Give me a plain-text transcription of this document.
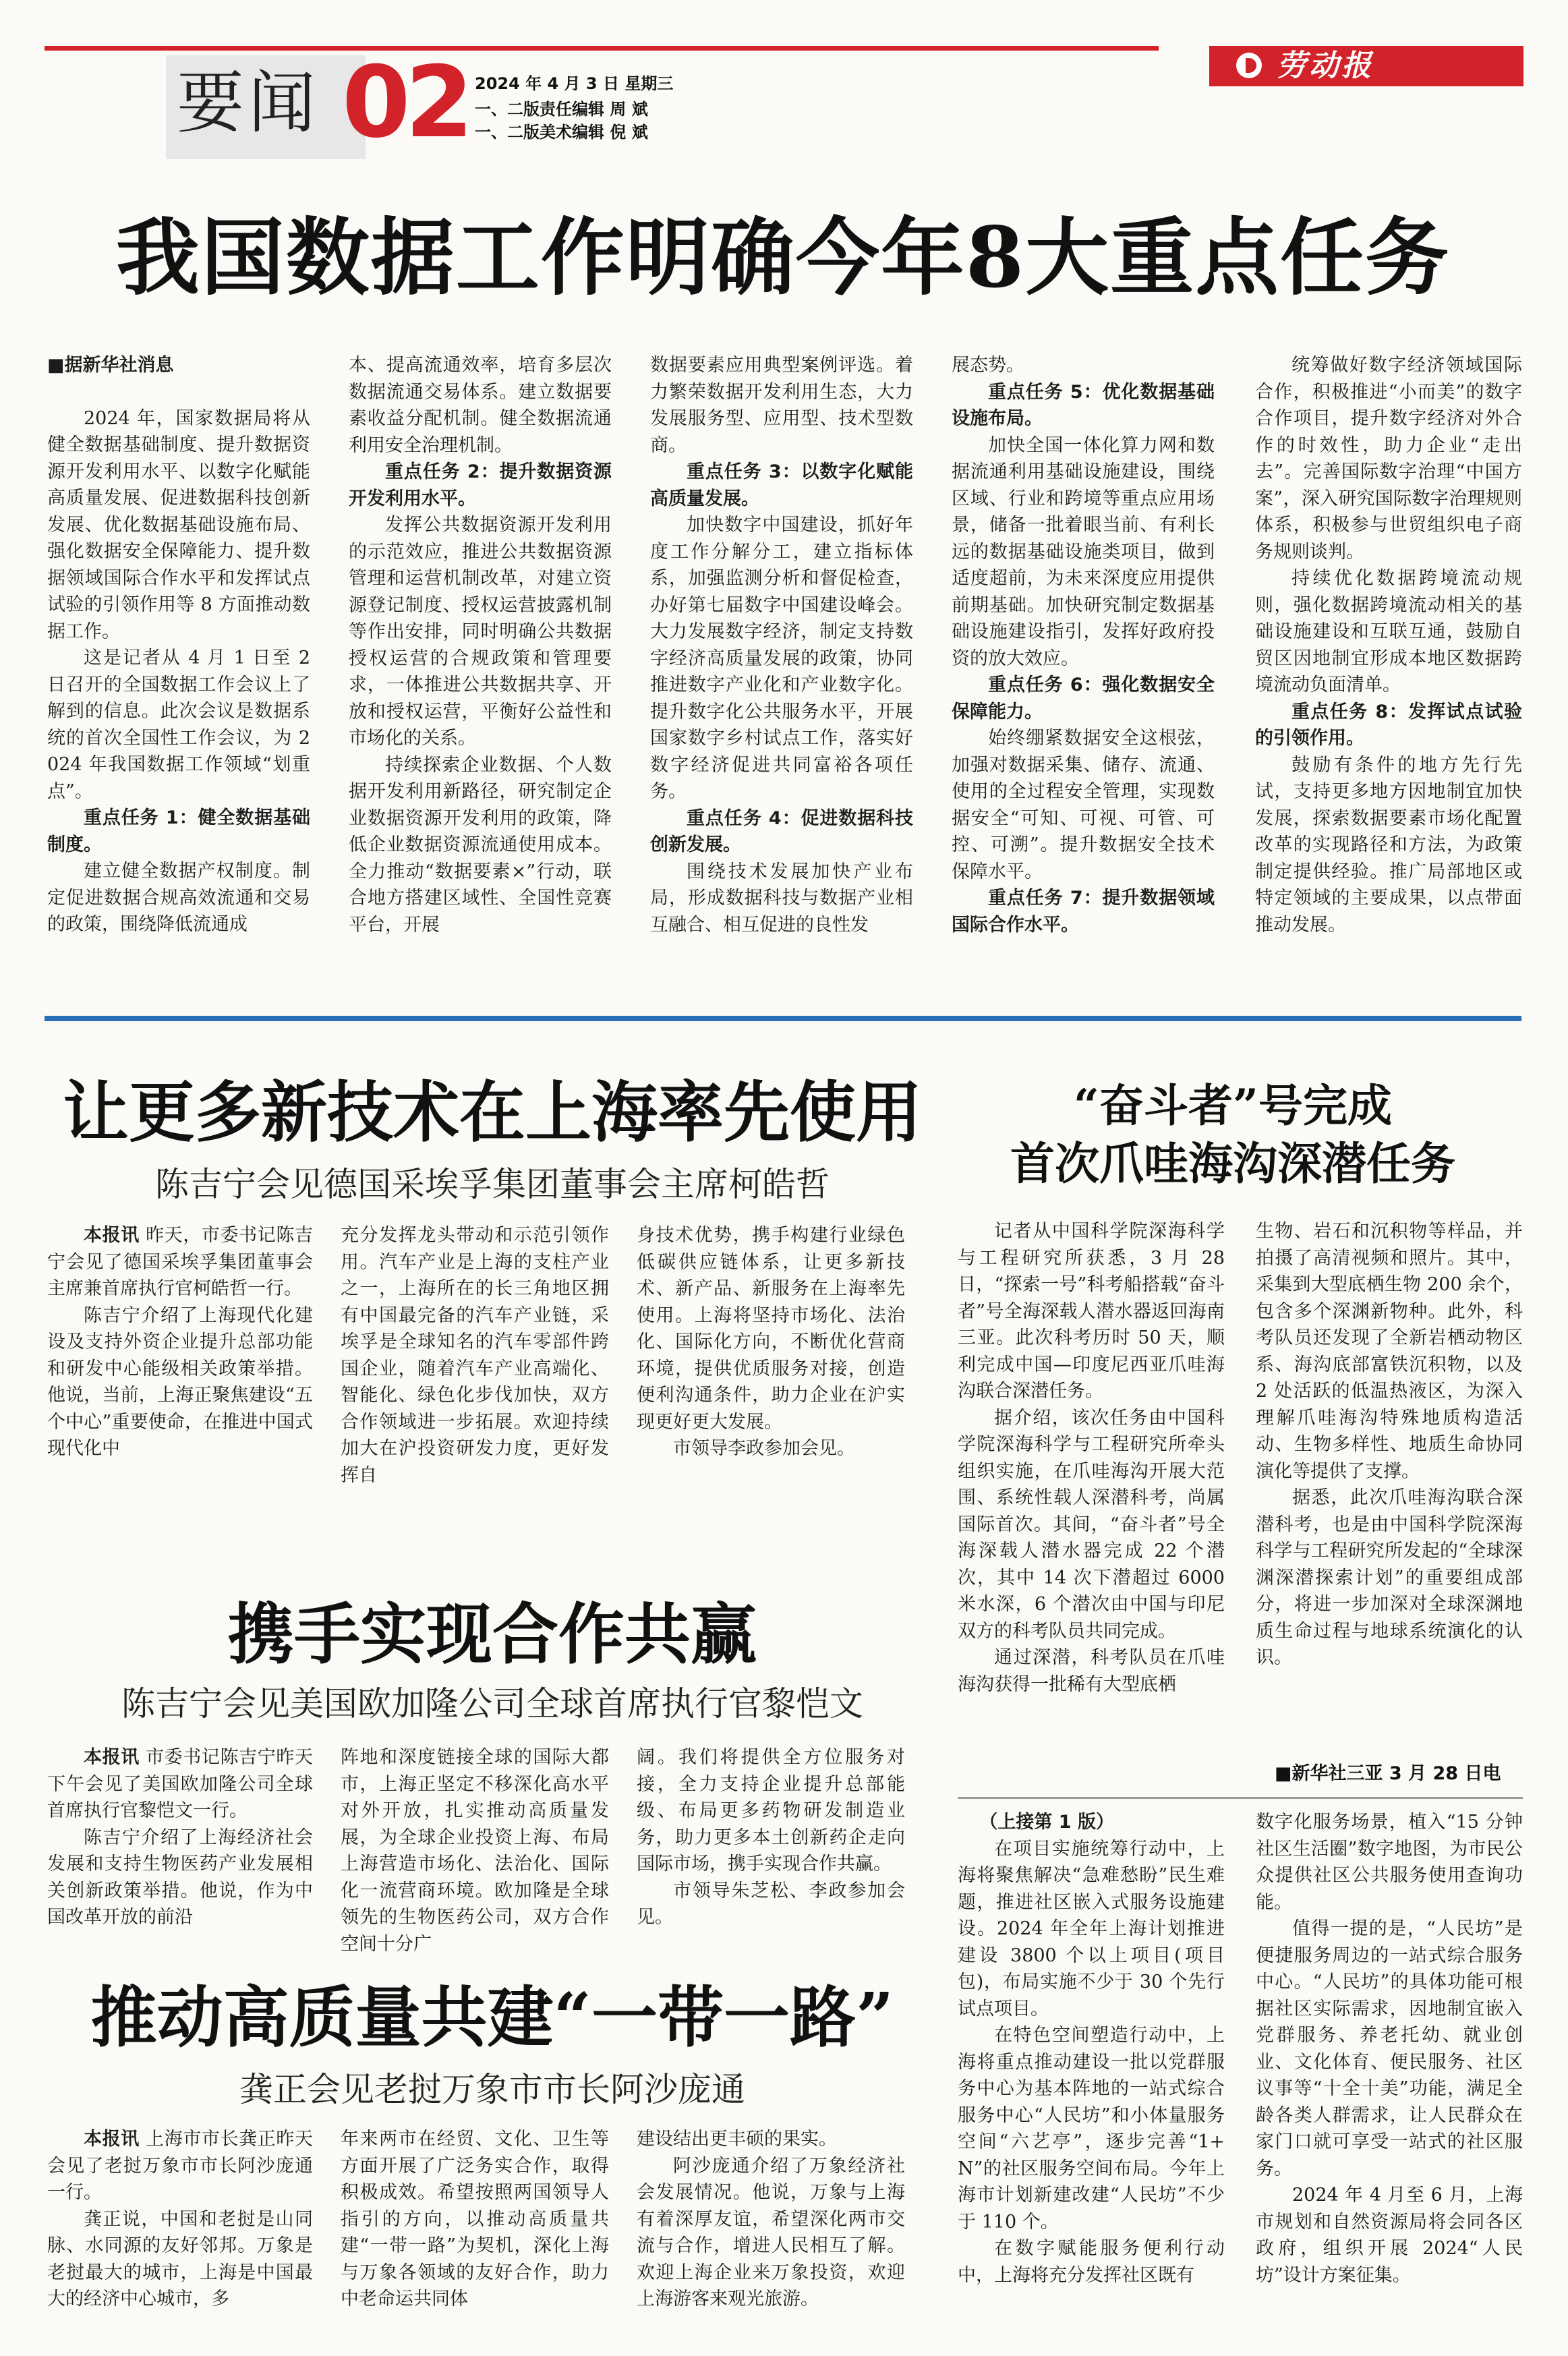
要闻 02 2024 年 4 月 3 日 星期三
一、二版责任编辑 周 斌
一、二版美术编辑 倪 斌
劳动报
我国数据工作明确今年8大重点任务

■据新华社消息

2024 年，国家数据局将从健全数据基础制度、提升数据资源开发利用水平、以数字化赋能高质量发展、促进数据科技创新发展、优化数据基础设施布局、强化数据安全保障能力、提升数据领域国际合作水平和发挥试点试验的引领作用等 8 方面推动数据工作。

这是记者从 4 月 1 日至 2 日召开的全国数据工作会议上了解到的信息。此次会议是数据系统的首次全国性工作会议，为 2024 年我国数据工作领域“划重点”。

重点任务 1：健全数据基础制度。

建立健全数据产权制度。制定促进数据合规高效流通和交易的政策，围绕降低流通成

本、提高流通效率，培育多层次数据流通交易体系。建立数据要素收益分配机制。健全数据流通利用安全治理机制。

重点任务 2：提升数据资源开发利用水平。

发挥公共数据资源开发利用的示范效应，推进公共数据资源管理和运营机制改革，对建立资源登记制度、授权运营披露机制等作出安排，同时明确公共数据授权运营的合规政策和管理要求，一体推进公共数据共享、开放和授权运营，平衡好公益性和市场化的关系。

持续探索企业数据、个人数据开发利用新路径，研究制定企业数据资源开发利用的政策，降低企业数据资源流通使用成本。全力推动“数据要素×”行动，联合地方搭建区域性、全国性竞赛平台，开展

数据要素应用典型案例评选。着力繁荣数据开发利用生态，大力发展服务型、应用型、技术型数商。

重点任务 3：以数字化赋能高质量发展。

加快数字中国建设，抓好年度工作分解分工，建立指标体系，加强监测分析和督促检查，办好第七届数字中国建设峰会。大力发展数字经济，制定支持数字经济高质量发展的政策，协同推进数字产业化和产业数字化。提升数字化公共服务水平，开展国家数字乡村试点工作，落实好数字经济促进共同富裕各项任务。

重点任务 4：促进数据科技创新发展。

围绕技术发展加快产业布局，形成数据科技与数据产业相互融合、相互促进的良性发

展态势。

重点任务 5：优化数据基础设施布局。

加快全国一体化算力网和数据流通利用基础设施建设，围绕区域、行业和跨境等重点应用场景，储备一批着眼当前、有利长远的数据基础设施类项目，做到适度超前，为未来深度应用提供前期基础。加快研究制定数据基础设施建设指引，发挥好政府投资的放大效应。

重点任务 6：强化数据安全保障能力。

始终绷紧数据安全这根弦，加强对数据采集、储存、流通、使用的全过程安全管理，实现数据安全“可知、可视、可管、可控、可溯”。提升数据安全技术保障水平。

重点任务 7：提升数据领域国际合作水平。

统筹做好数字经济领域国际合作，积极推进“小而美”的数字合作项目，提升数字经济对外合作的时效性，助力企业“走出去”。完善国际数字治理“中国方案”，深入研究国际数字治理规则体系，积极参与世贸组织电子商务规则谈判。

持续优化数据跨境流动规则，强化数据跨境流动相关的基础设施建设和互联互通，鼓励自贸区因地制宜形成本地区数据跨境流动负面清单。

重点任务 8：发挥试点试验的引领作用。

鼓励有条件的地方先行先试，支持更多地方因地制宜加快发展，探索数据要素市场化配置改革的实现路径和方法，为政策制定提供经验。推广局部地区或特定领域的主要成果，以点带面推动发展。

让更多新技术在上海率先使用
陈吉宁会见德国采埃孚集团董事会主席柯皓哲

本报讯 昨天，市委书记陈吉宁会见了德国采埃孚集团董事会主席兼首席执行官柯皓哲一行。

陈吉宁介绍了上海现代化建设及支持外资企业提升总部功能和研发中心能级相关政策举措。他说，当前，上海正聚焦建设“五个中心”重要使命，在推进中国式现代化中

充分发挥龙头带动和示范引领作用。汽车产业是上海的支柱产业之一，上海所在的长三角地区拥有中国最完备的汽车产业链，采埃孚是全球知名的汽车零部件跨国企业，随着汽车产业高端化、智能化、绿色化步伐加快，双方合作领域进一步拓展。欢迎持续加大在沪投资研发力度，更好发挥自

身技术优势，携手构建行业绿色低碳供应链体系，让更多新技术、新产品、新服务在上海率先使用。上海将坚持市场化、法治化、国际化方向，不断优化营商环境，提供优质服务对接，创造便利沟通条件，助力企业在沪实现更好更大发展。

市领导李政参加会见。

携手实现合作共赢
陈吉宁会见美国欧加隆公司全球首席执行官黎恺文

本报讯 市委书记陈吉宁昨天下午会见了美国欧加隆公司全球首席执行官黎恺文一行。

陈吉宁介绍了上海经济社会发展和支持生物医药产业发展相关创新政策举措。他说，作为中国改革开放的前沿

阵地和深度链接全球的国际大都市，上海正坚定不移深化高水平对外开放，扎实推动高质量发展，为全球企业投资上海、布局上海营造市场化、法治化、国际化一流营商环境。欧加隆是全球领先的生物医药公司，双方合作空间十分广

阔。我们将提供全方位服务对接，全力支持企业提升总部能级、布局更多药物研发制造业务，助力更多本土创新药企走向国际市场，携手实现合作共赢。

市领导朱芝松、李政参加会见。

推动高质量共建“一带一路”
龚正会见老挝万象市市长阿沙庞通

本报讯 上海市市长龚正昨天会见了老挝万象市市长阿沙庞通一行。

龚正说，中国和老挝是山同脉、水同源的友好邻邦。万象是老挝最大的城市，上海是中国最大的经济中心城市，多

年来两市在经贸、文化、卫生等方面开展了广泛务实合作，取得积极成效。希望按照两国领导人指引的方向，以推动高质量共建“一带一路”为契机，深化上海与万象各领域的友好合作，助力中老命运共同体

建设结出更丰硕的果实。

阿沙庞通介绍了万象经济社会发展情况。他说，万象与上海有着深厚友谊，希望深化两市交流与合作，增进人民相互了解。欢迎上海企业来万象投资，欢迎上海游客来观光旅游。

“奋斗者”号完成
首次爪哇海沟深潜任务

记者从中国科学院深海科学与工程研究所获悉，3 月 28 日，“探索一号”科考船搭载“奋斗者”号全海深载人潜水器返回海南三亚。此次科考历时 50 天，顺利完成中国—印度尼西亚爪哇海沟联合深潜任务。

据介绍，该次任务由中国科学院深海科学与工程研究所牵头组织实施，在爪哇海沟开展大范围、系统性载人深潜科考，尚属国际首次。其间，“奋斗者”号全海深载人潜水器完成 22 个潜次，其中 14 次下潜超过 6000 米水深，6 个潜次由中国与印尼双方的科考队员共同完成。

通过深潜，科考队员在爪哇海沟获得一批稀有大型底栖

生物、岩石和沉积物等样品，并拍摄了高清视频和照片。其中，采集到大型底栖生物 200 余个，包含多个深渊新物种。此外，科考队员还发现了全新岩栖动物区系、海沟底部富铁沉积物，以及 2 处活跃的低温热液区，为深入理解爪哇海沟特殊地质构造活动、生物多样性、地质生命协同演化等提供了支撑。

据悉，此次爪哇海沟联合深潜科考，也是由中国科学院深海科学与工程研究所发起的“全球深渊深潜探索计划”的重要组成部分，将进一步加深对全球深渊地质生命过程与地球系统演化的认识。

■新华社三亚 3 月 28 日电

（上接第 1 版）

在项目实施统筹行动中，上海将聚焦解决“急难愁盼”民生难题，推进社区嵌入式服务设施建设。2024 年全年上海计划推进建设 3800 个以上项目(项目包)，布局实施不少于 30 个先行试点项目。

在特色空间塑造行动中，上海将重点推动建设一批以党群服务中心为基本阵地的一站式综合服务中心“人民坊”和小体量服务空间“六艺亭”，逐步完善“1+N”的社区服务空间布局。今年上海市计划新建改建“人民坊”不少于 110 个。

在数字赋能服务便利行动中，上海将充分发挥社区既有

数字化服务场景，植入“15 分钟社区生活圈”数字地图，为市民公众提供社区公共服务使用查询功能。

值得一提的是，“人民坊”是便捷服务周边的一站式综合服务中心。“人民坊”的具体功能可根据社区实际需求，因地制宜嵌入党群服务、养老托幼、就业创业、文化体育、便民服务、社区议事等“十全十美”功能，满足全龄各类人群需求，让人民群众在家门口就可享受一站式的社区服务。

2024 年 4 月至 6 月，上海市规划和自然资源局将会同各区政府，组织开展 2024“人民坊”设计方案征集。
